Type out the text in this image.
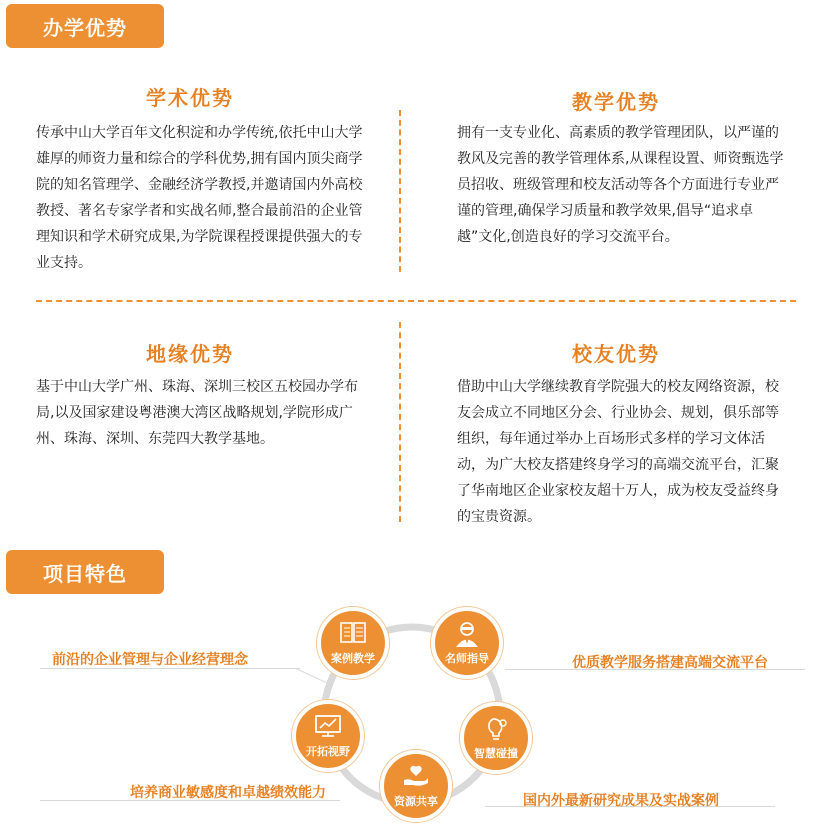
办学优势
学术优势
传承中山大学百年文化积淀和办学传统,依托中山大学雄厚的师资力量和综合的学科优势,拥有国内顶尖商学院的知名管理学、金融经济学教授,并邀请国内外高校教授、著名专家学者和实战名师,整合最前沿的企业管理知识和学术研究成果,为学院课程授课提供强大的专业支持。
教学优势
拥有一支专业化、高素质的教学管理团队，以严谨的教风及完善的教学管理体系,从课程设置、师资甄选学员招收、班级管理和校友活动等各个方面进行专业严谨的管理,确保学习质量和教学效果,倡导“追求卓越”文化,创造良好的学习交流平台。
地缘优势
基于中山大学广州、珠海、深圳三校区五校园办学布局,以及国家建设粤港澳大湾区战略规划,学院形成广州、珠海、深圳、东莞四大教学基地。
校友优势
借助中山大学继续教育学院强大的校友网络资源，校友会成立不同地区分会、行业协会、规划，俱乐部等组织，每年通过举办上百场形式多样的学习文体活动，为广大校友搭建终身学习的高端交流平台，汇聚了华南地区企业家校友超十万人，成为校友受益终身的宝贵资源。
项目特色
前沿的企业管理与企业经营理念
培养商业敏感度和卓越绩效能力
优质教学服务搭建高端交流平台
国内外最新研究成果及实战案例
案例教学	名师指导
开拓视野	智慧碰撞
资源共享
